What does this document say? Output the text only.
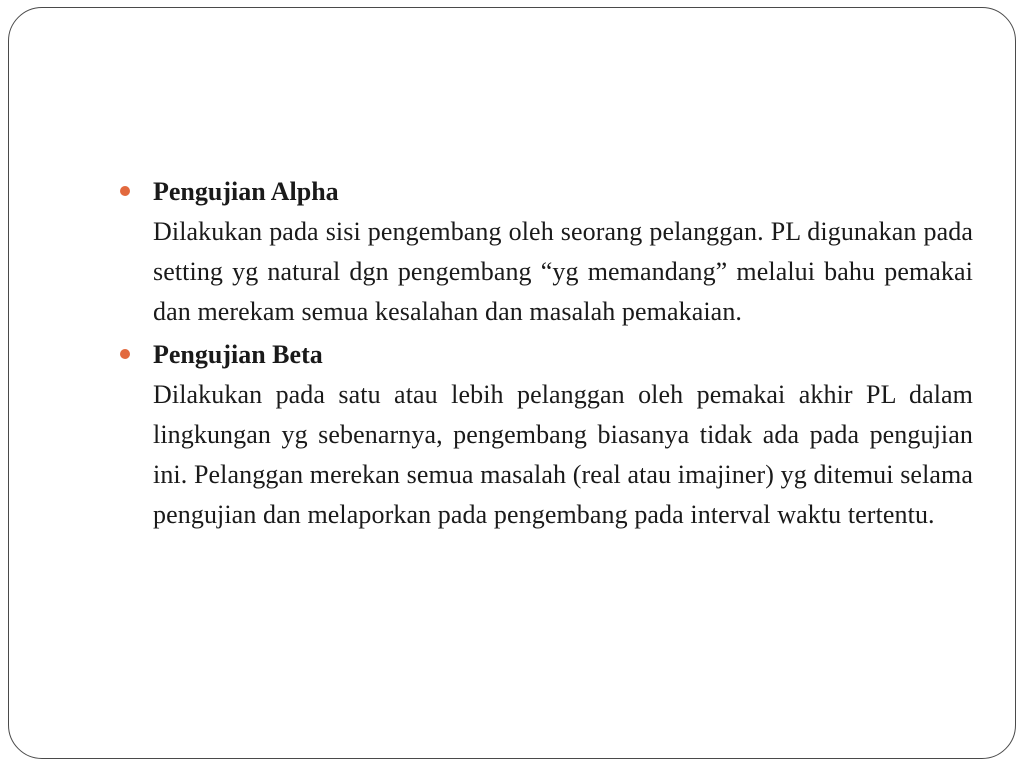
Pengujian Alpha

Dilakukan pada sisi pengembang oleh seorang pelanggan. PL digunakan pada setting yg natural dgn pengembang “yg memandang” melalui bahu pemakai dan merekam semua kesalahan dan masalah pemakaian.

Pengujian Beta

Dilakukan pada satu atau lebih pelanggan oleh pemakai akhir PL dalam lingkungan yg sebenarnya, pengembang biasanya tidak ada pada pengujian ini. Pelanggan merekan semua masalah (real atau imajiner) yg ditemui selama pengujian dan melaporkan pada pengembang pada interval waktu tertentu.
